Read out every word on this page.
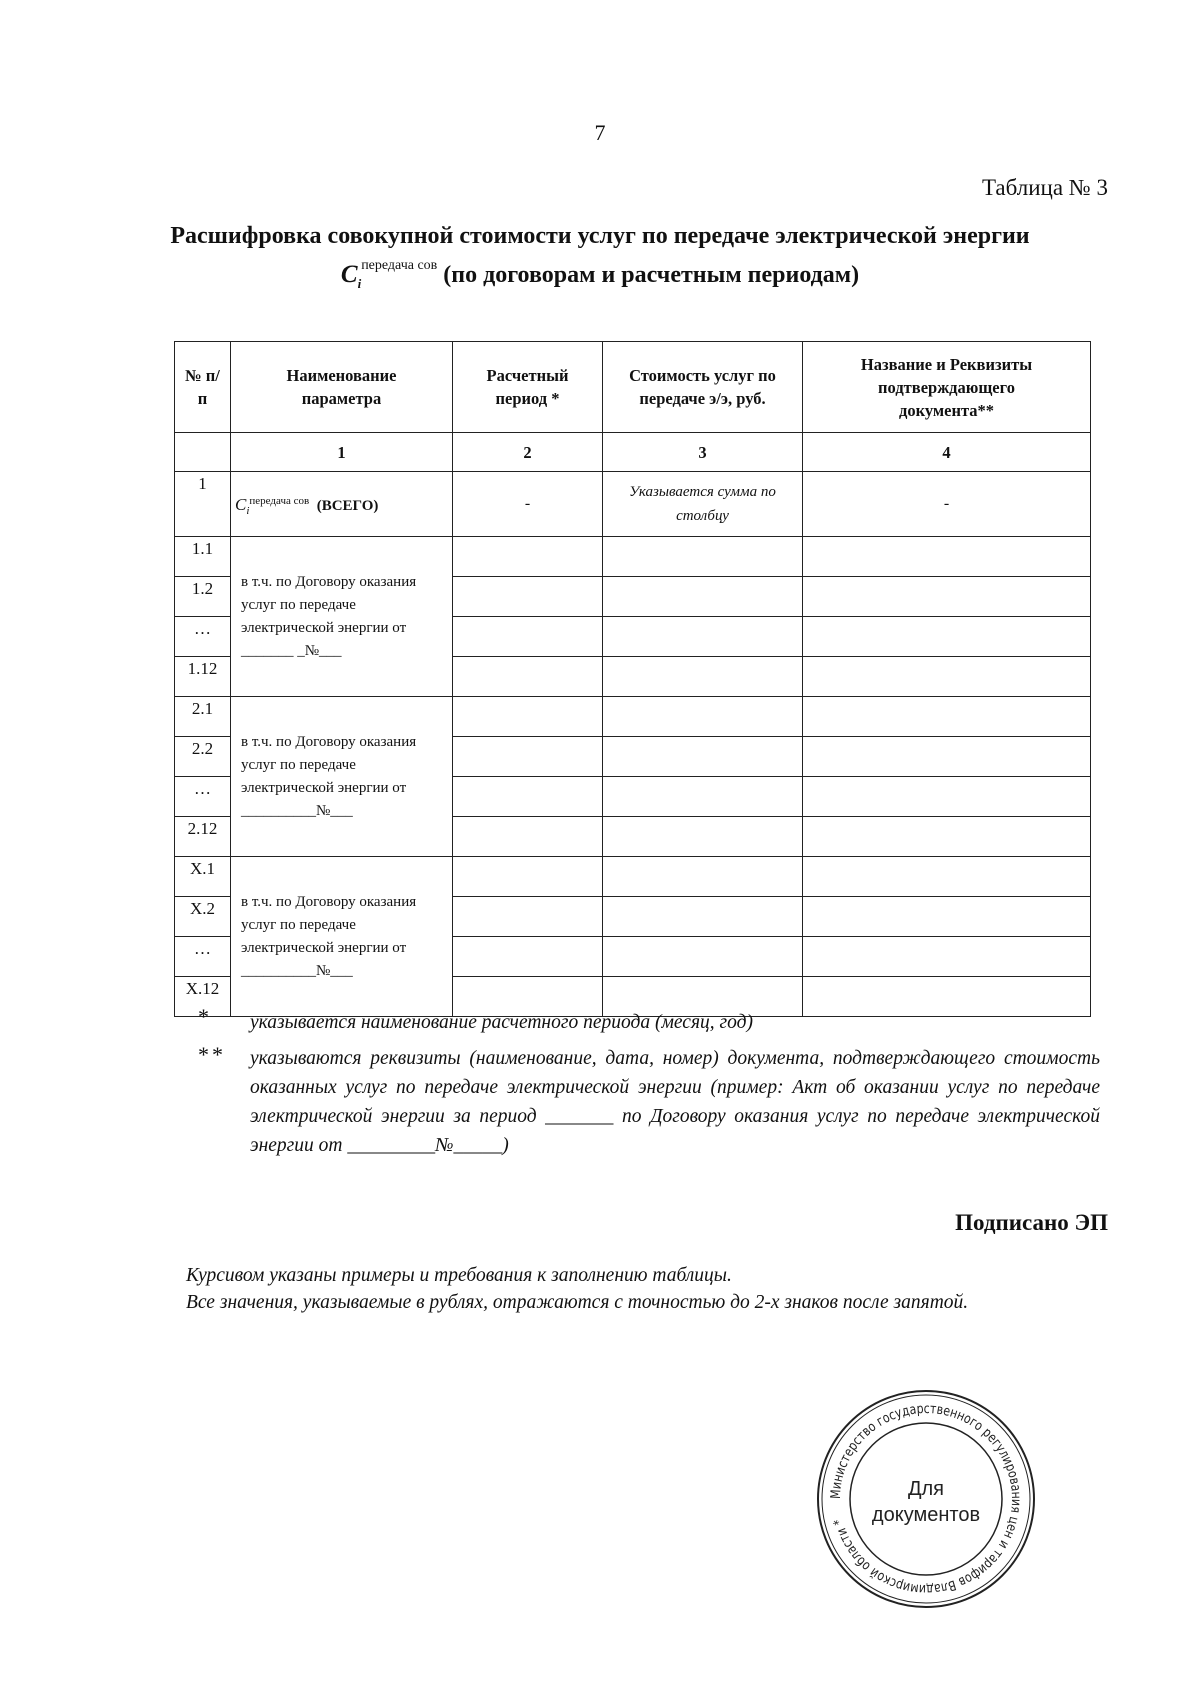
7
Таблица № 3
Расшифровка совокупной стоимости услуг по передаче электрической энергии
$C_i^{передача сов}$ (по договорам и расчетным периодам)
№ п/п	Наименование параметра	Расчетный период *	Стоимость услуг по передаче э/э, руб.	Название и Реквизиты подтверждающего документа**
	1	2	3	4
1	$C_i^{передача сов}$ (ВСЕГО)	-	Указывается сумма по столбцу	-
1.1	в т.ч. по Договору оказания услуг по передаче электрической энергии от _______ _№___			
1.2				
…				
1.12				
2.1	в т.ч. по Договору оказания услуг по передаче электрической энергии от __________№___			
2.2				
…				
2.12				
X.1	в т.ч. по Договору оказания услуг по передаче электрической энергии от __________№___			
X.2				
…				
X.12				
* указывается наименование расчетного периода (месяц, год)
** указываются реквизиты (наименование, дата, номер) документа, подтверждающего стоимость оказанных услуг по передаче электрической энергии (пример: Акт об оказании услуг по передаче электрической энергии за период _______ по Договору оказания услуг по передаче электрической энергии от _________№_____)
Подписано ЭП
Курсивом указаны примеры и требования к заполнению таблицы.
Все значения, указываемые в рублях, отражаются с точностью до 2-х знаков после запятой.
Министерство государственного регулирования цен и тарифов Владимирской области *
Для
документов
